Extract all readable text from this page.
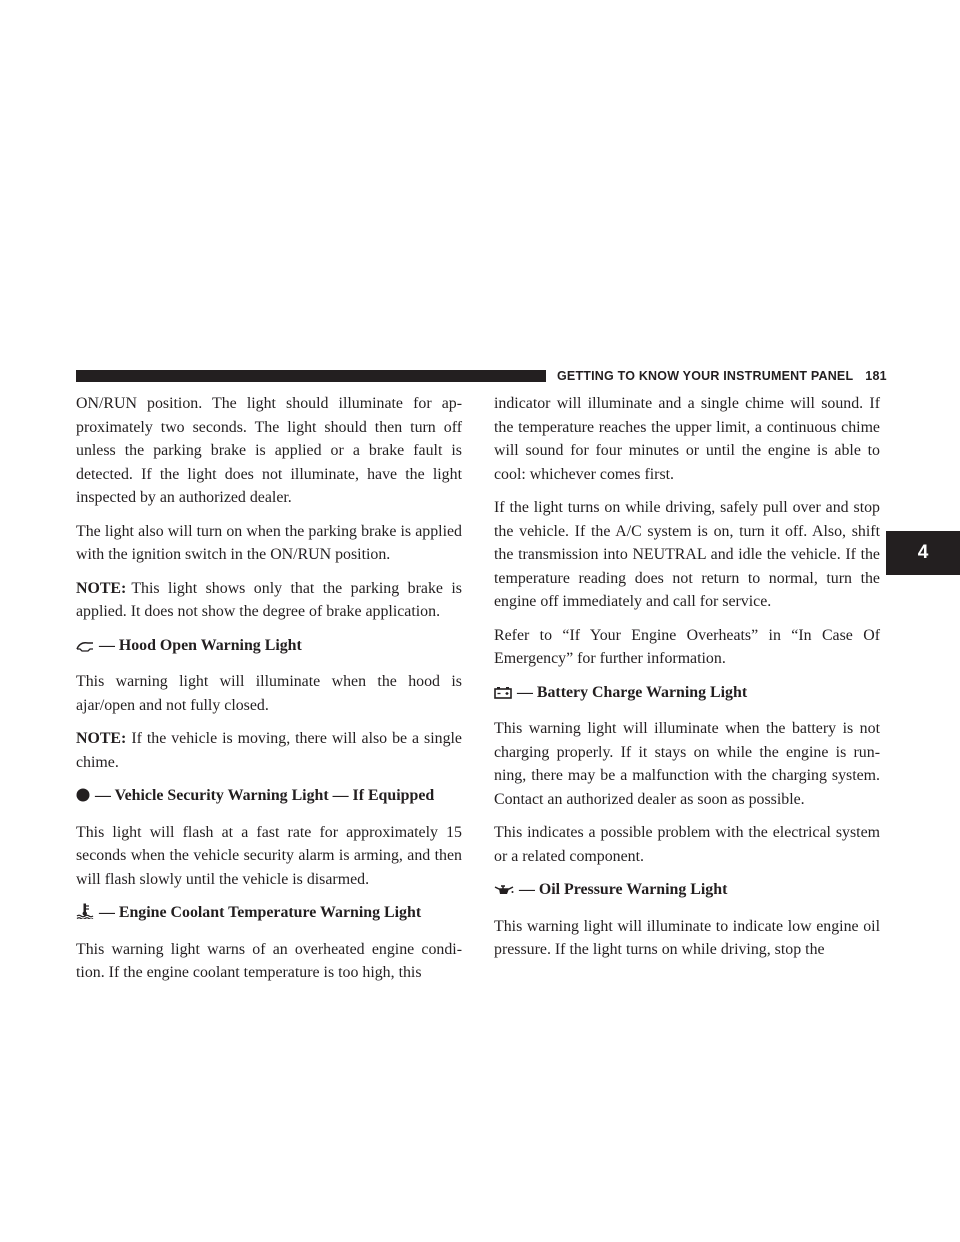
GETTING TO KNOW YOUR INSTRUMENT PANEL 181
4

ON/RUN position. The light should illuminate for ap- proximately two seconds. The light should then turn off unless the parking brake is applied or a brake fault is detected. If the light does not illuminate, have the light inspected by an authorized dealer.

The light also will turn on when the parking brake is applied with the ignition switch in the ON/RUN position.

NOTE: This light shows only that the parking brake is applied. It does not show the degree of brake application.

— Hood Open Warning Light

This warning light will illuminate when the hood is ajar/open and not fully closed.

NOTE: If the vehicle is moving, there will also be a single chime.

— Vehicle Security Warning Light — If Equipped

This light will flash at a fast rate for approximately 15 seconds when the vehicle security alarm is arming, and then will flash slowly until the vehicle is disarmed.

— Engine Coolant Temperature Warning Light

This warning light warns of an overheated engine condi- tion. If the engine coolant temperature is too high, this

indicator will illuminate and a single chime will sound. If the temperature reaches the upper limit, a continuous chime will sound for four minutes or until the engine is able to cool: whichever comes first.

If the light turns on while driving, safely pull over and stop the vehicle. If the A/C system is on, turn it off. Also, shift the transmission into NEUTRAL and idle the vehicle. If the temperature reading does not return to normal, turn the engine off immediately and call for service.

Refer to “If Your Engine Overheats” in “In Case Of Emergency” for further information.

— Battery Charge Warning Light

This warning light will illuminate when the battery is not charging properly. If it stays on while the engine is run- ning, there may be a malfunction with the charging system. Contact an authorized dealer as soon as possible.

This indicates a possible problem with the electrical system or a related component.

— Oil Pressure Warning Light

This warning light will illuminate to indicate low engine oil pressure. If the light turns on while driving, stop the
